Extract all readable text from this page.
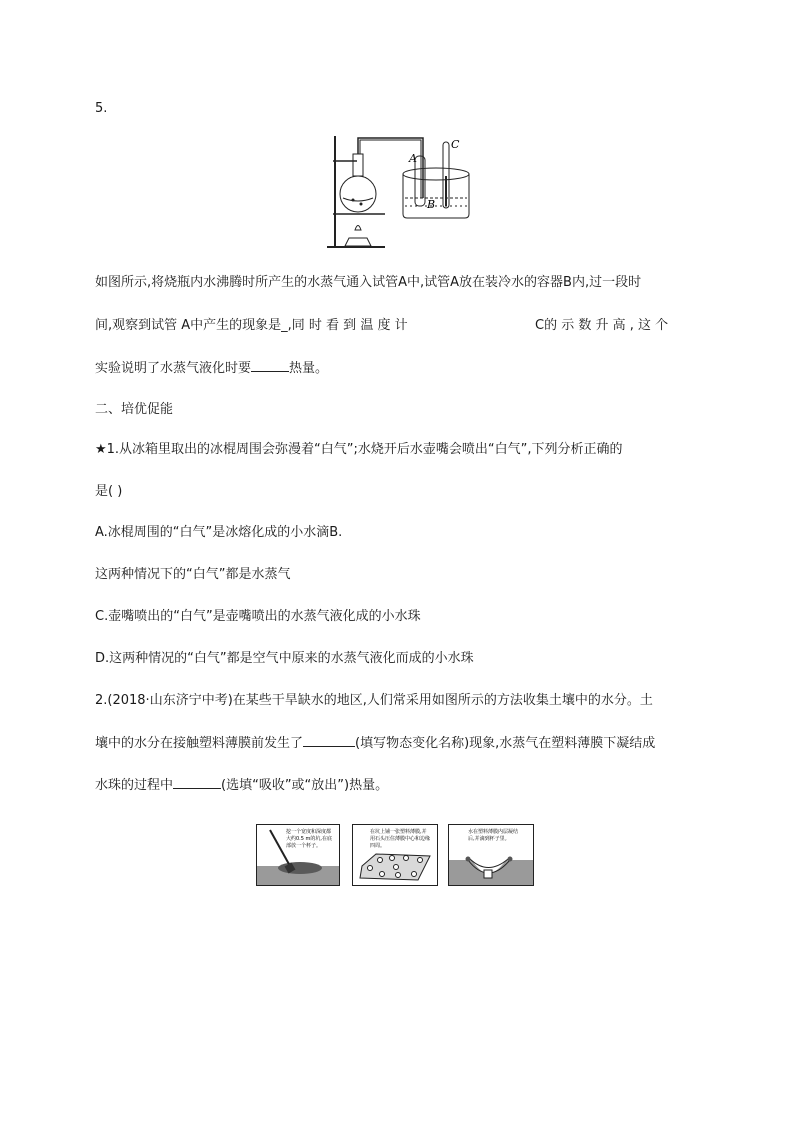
5.
A
B
C
如图所示,将烧瓶内水沸腾时所产生的水蒸气通入试管A中,试管A放在装冷水的容器B内,过一段时
间,观察到试管 A中产生的现象是_,同 时 看 到 温 度 计	C的 示 数 升 高 , 这 个
实验说明了水蒸气液化时要	热量。
二、培优促能
★1.从冰箱里取出的冰棍周围会弥漫着“白气”;水烧开后水壶嘴会喷出“白气”,下列分析正确的
是( )
A.冰棍周围的“白气”是冰熔化成的小水滴B.
这两种情况下的“白气”都是水蒸气
C.壶嘴喷出的“白气”是壶嘴喷出的水蒸气液化成的小水珠
D.这两种情况的“白气”都是空气中原来的水蒸气液化而成的小水珠
2.(2018·山东济宁中考)在某些干旱缺水的地区,人们常采用如图所示的方法收集土壤中的水分。土
壤中的水分在接触塑料薄膜前发生了	(填写物态变化名称)现象,水蒸气在塑料薄膜下凝结成
水珠的过程中	(选填“吸收”或“放出”)热量。
挖一个宽度和深度都
大约0.5 m的坑,在底
部放一个杯子。
在坑上铺一张塑料薄膜,并
用石头压住薄膜中心和边缘
四周。
水在塑料薄膜内层凝结
后,并滴到杯子里。
